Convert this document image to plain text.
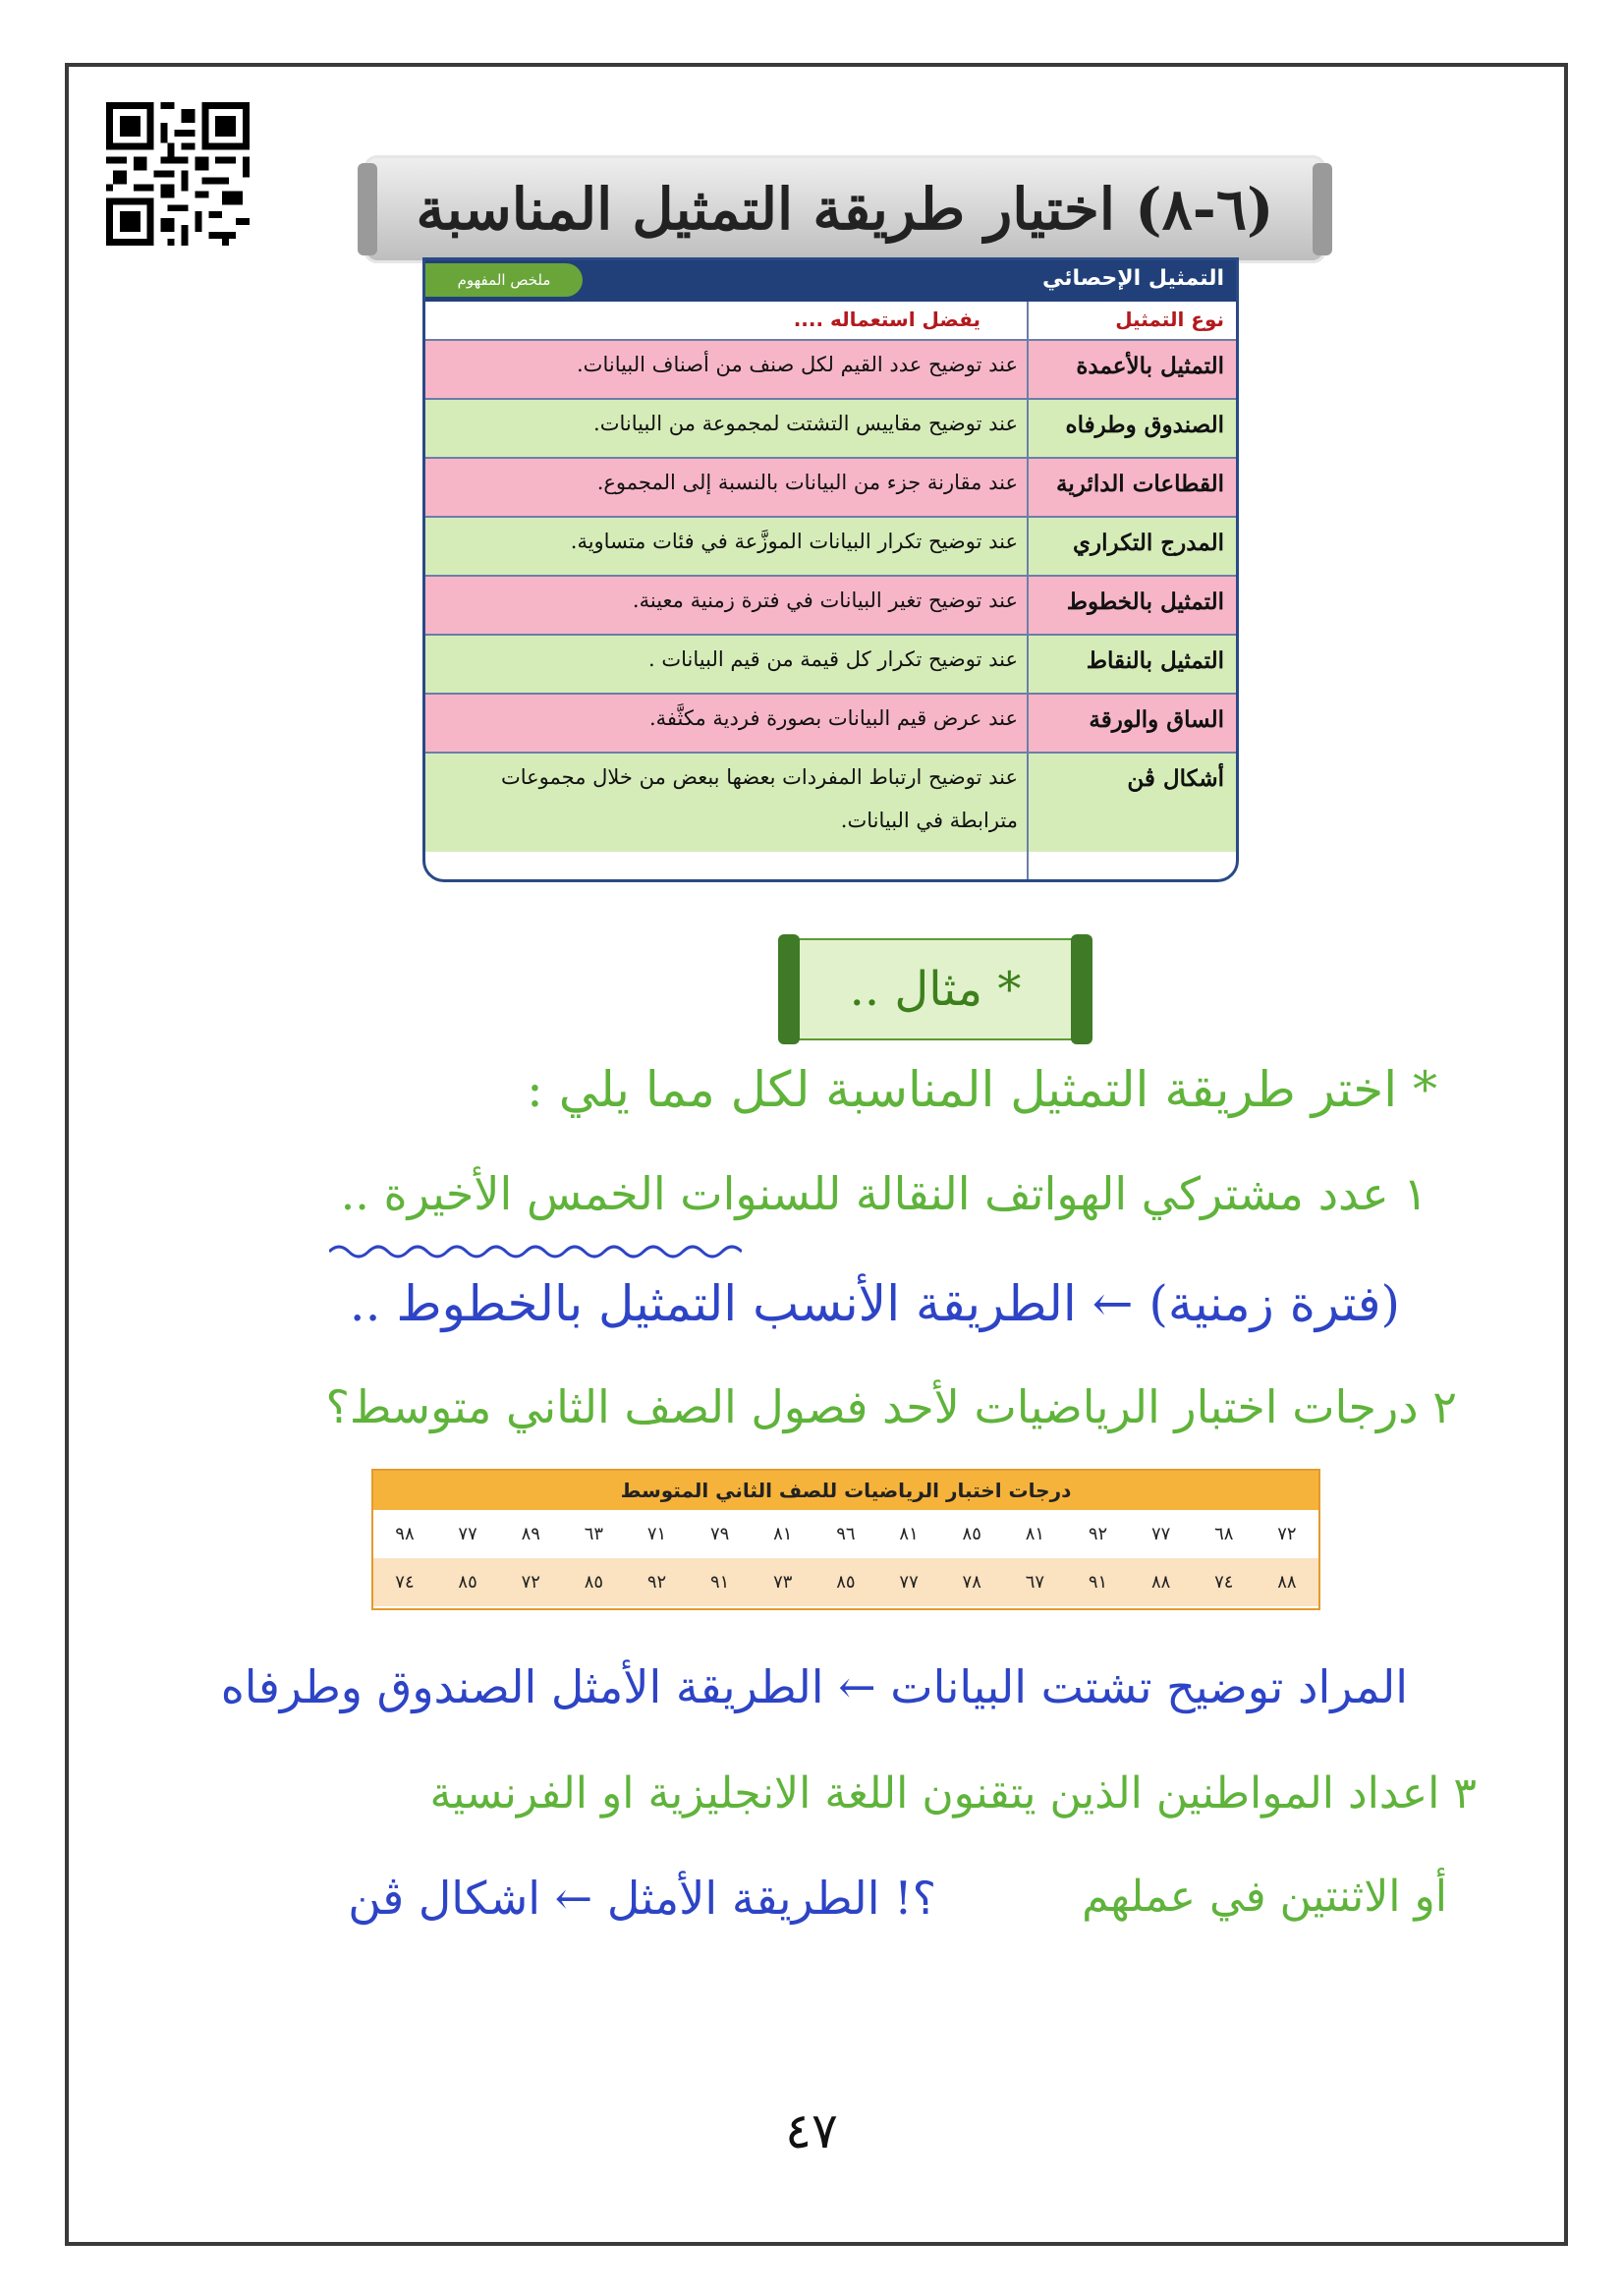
(٦-٨) اختيار طريقة التمثيل المناسبة
التمثيل الإحصائي
ملخص المفهوم
نوع التمثيل
يفضل استعماله ....
التمثيل بالأعمدة
عند توضيح عدد القيم لكل صنف من أصناف البيانات.
الصندوق وطرفاه
عند توضيح مقاييس التشتت لمجموعة من البيانات.
القطاعات الدائرية
عند مقارنة جزء من البيانات بالنسبة إلى المجموع.
المدرج التكراري
عند توضيح تكرار البيانات الموزَّعة في فئات متساوية.
التمثيل بالخطوط
عند توضيح تغير البيانات في فترة زمنية معينة.
التمثيل بالنقاط
عند توضيح تكرار كل قيمة من قيم البيانات .
الساق والورقة
عند عرض قيم البيانات بصورة فردية مكثَّفة.
أشكال ڤن
عند توضيح ارتباط المفردات بعضها ببعض من خلال مجموعات مترابطة في البيانات.
* مثال ..
* اختر طريقة التمثيل المناسبة لكل مما يلي :
١ عدد مشتركي الهواتف النقالة للسنوات الخمس الأخيرة ..
(فترة زمنية) ← الطريقة الأنسب التمثيل بالخطوط ..
٢ درجات اختبار الرياضيات لأحد فصول الصف الثاني متوسط؟
درجات اختبار الرياضيات للصف الثاني المتوسط
٧٢
٦٨
٧٧
٩٢
٨١
٨٥
٨١
٩٦
٨١
٧٩
٧١
٦٣
٨٩
٧٧
٩٨
٨٨
٧٤
٨٨
٩١
٦٧
٧٨
٧٧
٨٥
٧٣
٩١
٩٢
٨٥
٧٢
٨٥
٧٤
المراد توضيح تشتت البيانات ← الطريقة الأمثل الصندوق وطرفاه
٣ اعداد المواطنين الذين يتقنون اللغة الانجليزية او الفرنسية
أو الاثنتين في عملهم
؟! الطريقة الأمثل ← اشكال ڤن
٤٧
